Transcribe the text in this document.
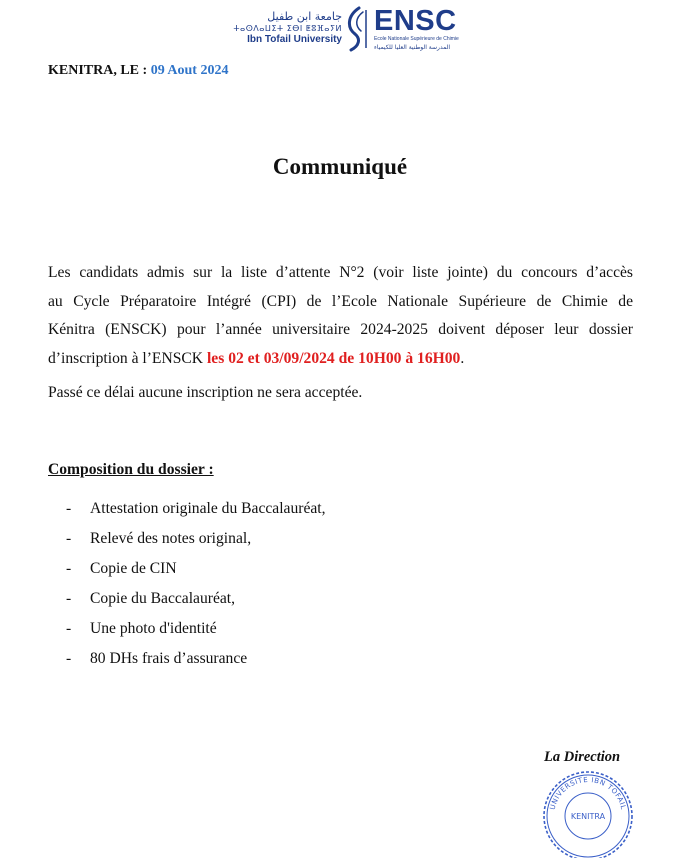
جامعة ابن طفيل
ⵜⴰⵙⴷⴰⵡⵉⵜ ⵉⴱⵏ ⵟⵓⴼⴰⵢⵍ
Ibn Tofail University
ENSC
Ecole Nationale Supérieure de Chimie
المدرسة الوطنية العليا للكيمياء
KENITRA, LE : 09 Aout 2024
Communiqué
Les candidats admis sur la liste d’attente N°2 (voir liste jointe) du concours d’accès
au Cycle Préparatoire Intégré (CPI) de l’Ecole Nationale Supérieure de Chimie de
Kénitra (ENSCK) pour l’année universitaire 2024-2025 doivent déposer leur dossier
d’inscription à l’ENSCK les 02 et 03/09/2024 de 10H00 à 16H00.
Passé ce délai aucune inscription ne sera acceptée.
Composition du dossier :
- Attestation originale du Baccalauréat,
- Relevé des notes original,
- Copie de CIN
- Copie du Baccalauréat,
- Une photo d'identité
- 80 DHs frais d’assurance
La Direction
UNIVERSITE IBN TOFAIL
KENITRA
